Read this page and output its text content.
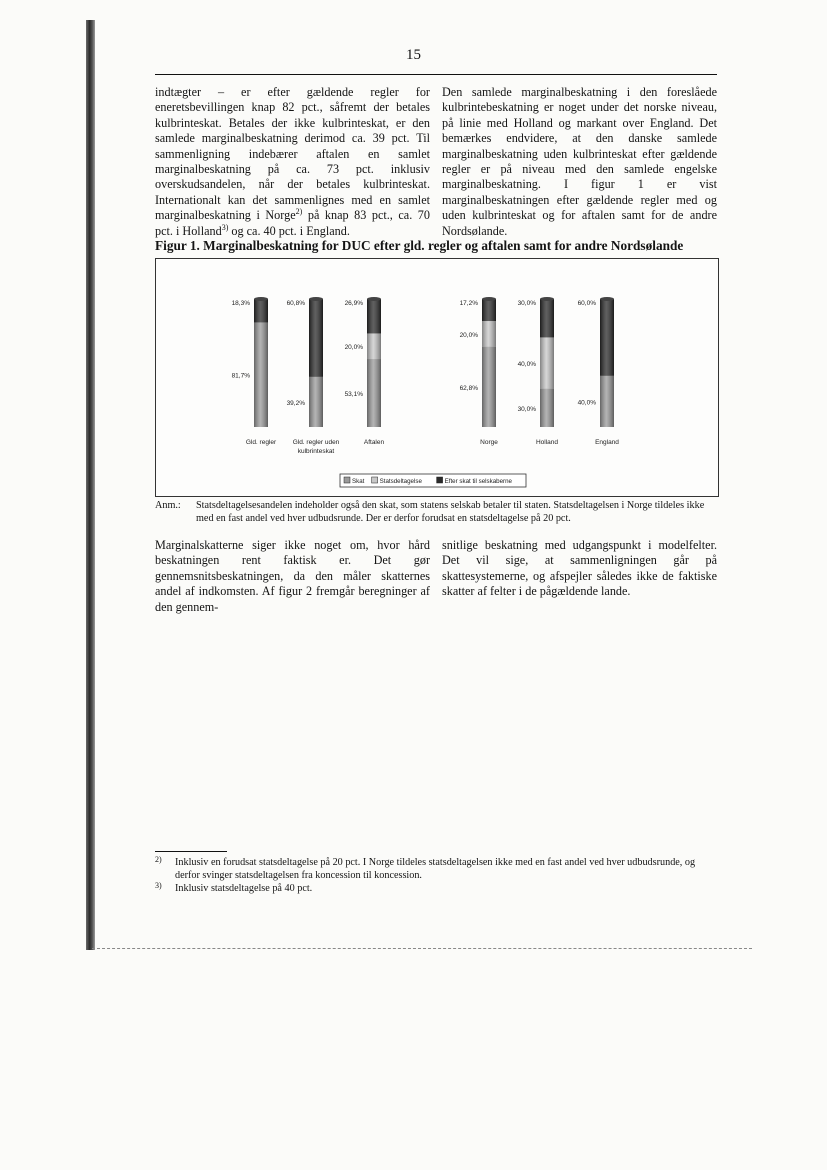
15
indtægter – er efter gældende regler for eneretsbevillingen knap 82 pct., såfremt der betales kulbrinteskat. Betales der ikke kulbrinteskat, er den samlede marginalbeskatning derimod ca. 39 pct. Til sammenligning indebærer aftalen en samlet marginalbeskatning på ca. 73 pct. inklusiv overskudsandelen, når der betales kulbrinteskat. Internationalt kan det sammenlignes med en samlet marginalbeskatning i Norge$^{2)}$ på knap 83 pct., ca. 70 pct. i Holland$^{3)}$ og ca. 40 pct. i England.
Den samlede marginalbeskatning i den foreslåede kulbrintebeskatning er noget under det norske niveau, på linie med Holland og markant over England. Det bemærkes endvidere, at den danske samlede marginalbeskatning uden kulbrinteskat efter gældende regler er på niveau med den samlede engelske marginalbeskatning. I figur 1 er vist marginalbeskatningen efter gældende regler med og uden kulbrinteskat og for aftalen samt for de andre Nordsølande.
Figur 1. Marginalbeskatning for DUC efter gld. regler og aftalen samt for andre Nordsølande
81,7%
18,3%
39,2%
60,8%
53,1%
20,0%
26,9%
62,8%
20,0%
17,2%
30,0%
40,0%
30,0%
40,0%
60,0%
Gld. regler	Gld. regler uden
kulbrinteskat
Aftalen	Norge	Holland	England
Skat Statsdeltagelse	Efter skat til selskaberne
Anm.: Statsdeltagelsesandelen indeholder også den skat, som statens selskab betaler til staten. Statsdeltagelsen i Norge tildeles ikke med en fast andel ved hver udbudsrunde. Der er derfor forudsat en statsdeltagelse på 20 pct.
Marginalskatterne siger ikke noget om, hvor hård beskatningen rent faktisk er. Det gør gennemsnitsbeskatningen, da den måler skatternes andel af indkomsten. Af figur 2 fremgår beregninger af den gennem-
snitlige beskatning med udgangspunkt i modelfelter. Det vil sige, at sammenligningen går på skattesystemerne, og afspejler således ikke de faktiske skatter af felter i de pågældende lande.
2) Inklusiv en forudsat statsdeltagelse på 20 pct. I Norge tildeles statsdeltagelsen ikke med en fast andel ved hver udbudsrunde, og derfor svinger statsdeltagelsen fra koncession til koncession.
3) Inklusiv statsdeltagelse på 40 pct.
